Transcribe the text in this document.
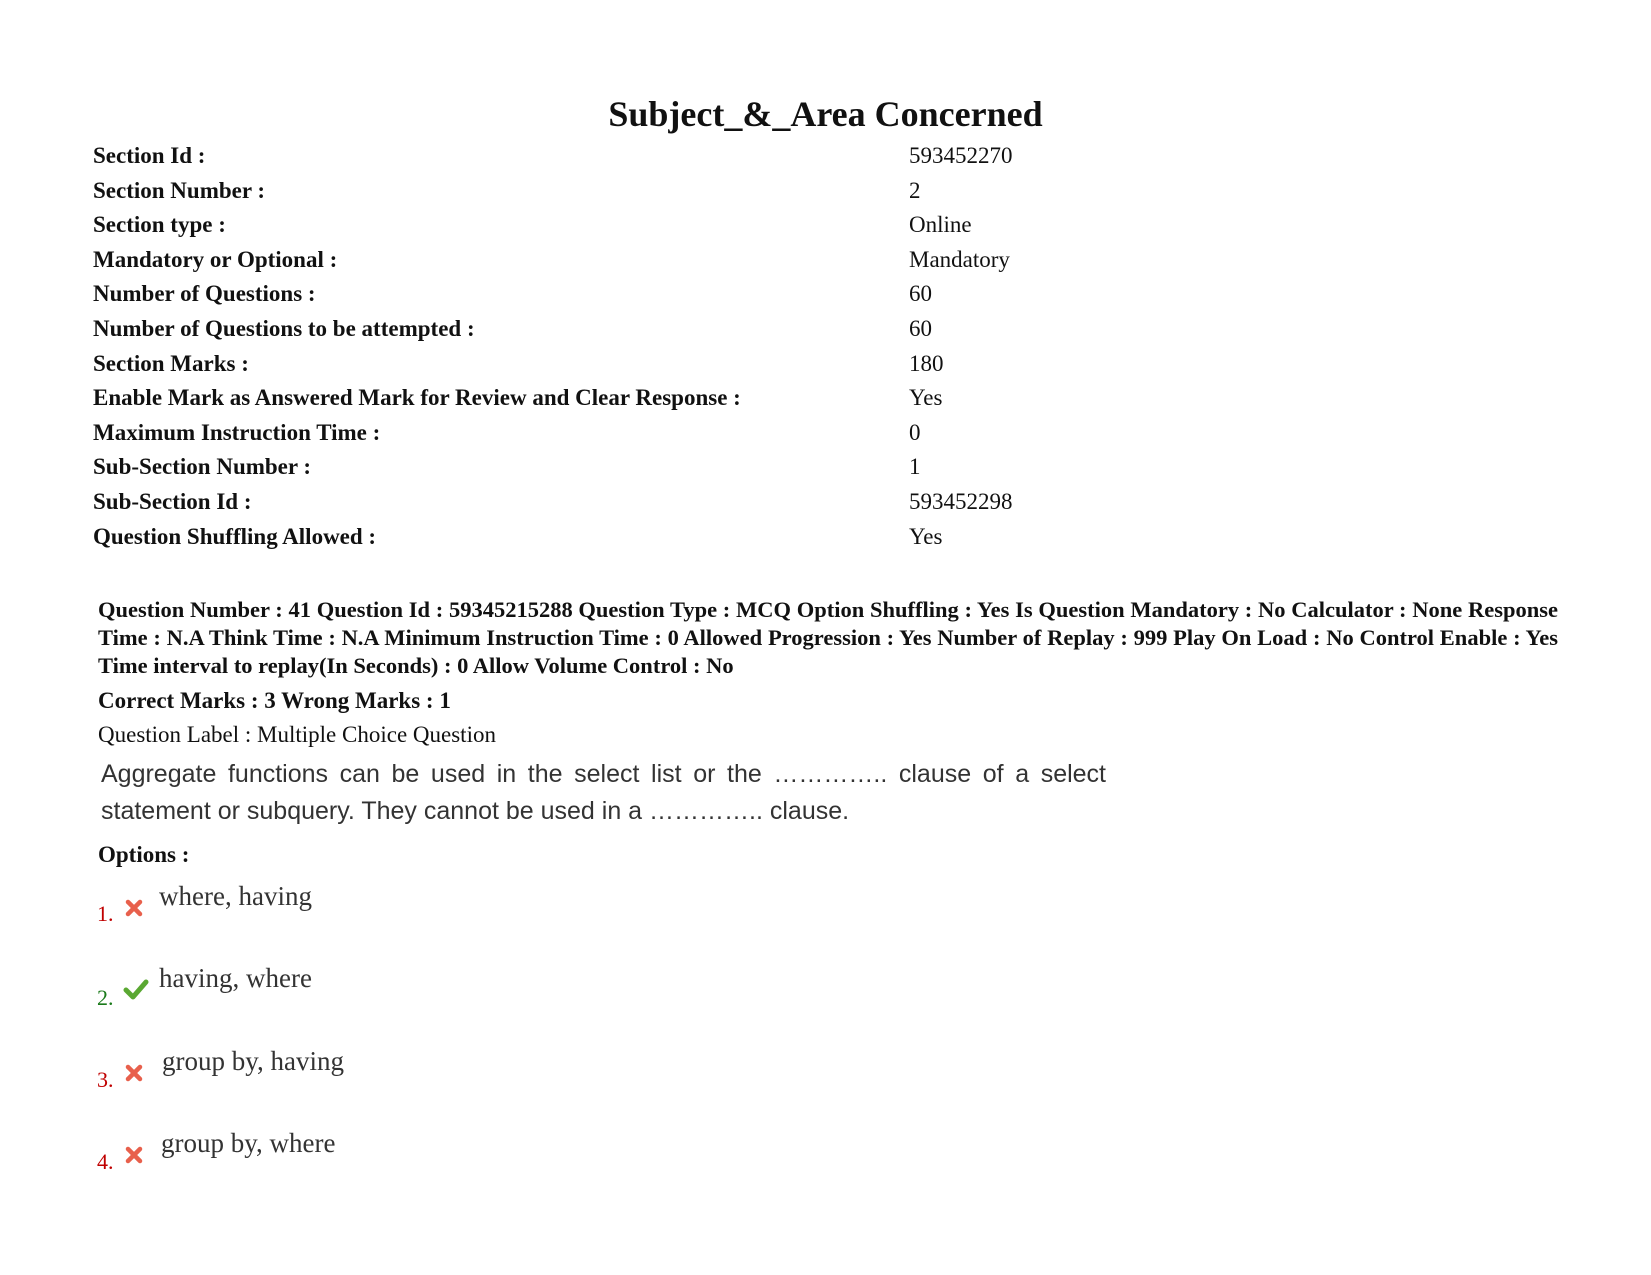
Subject_&_Area Concerned
Section Id :	593452270
Section Number :	2
Section type :	Online
Mandatory or Optional :	Mandatory
Number of Questions :	60
Number of Questions to be attempted :	60
Section Marks :	180
Enable Mark as Answered Mark for Review and Clear Response :	Yes
Maximum Instruction Time :	0
Sub-Section Number :	1
Sub-Section Id :	593452298
Question Shuffling Allowed :	Yes
Question Number : 41 Question Id : 59345215288 Question Type : MCQ Option Shuffling : Yes Is Question Mandatory : No Calculator : None Response Time : N.A Think Time : N.A Minimum Instruction Time : 0 Allowed Progression : Yes Number of Replay : 999 Play On Load : No Control Enable : Yes Time interval to replay(In Seconds) : 0 Allow Volume Control : No
Correct Marks : 3 Wrong Marks : 1
Question Label : Multiple Choice Question
Aggregate functions can be used in the select list or the ………….. clause of a select statement or subquery. They cannot be used in a ………….. clause.
Options :
1.
where, having
2.
having, where
3.
group by, having
4.
group by, where
